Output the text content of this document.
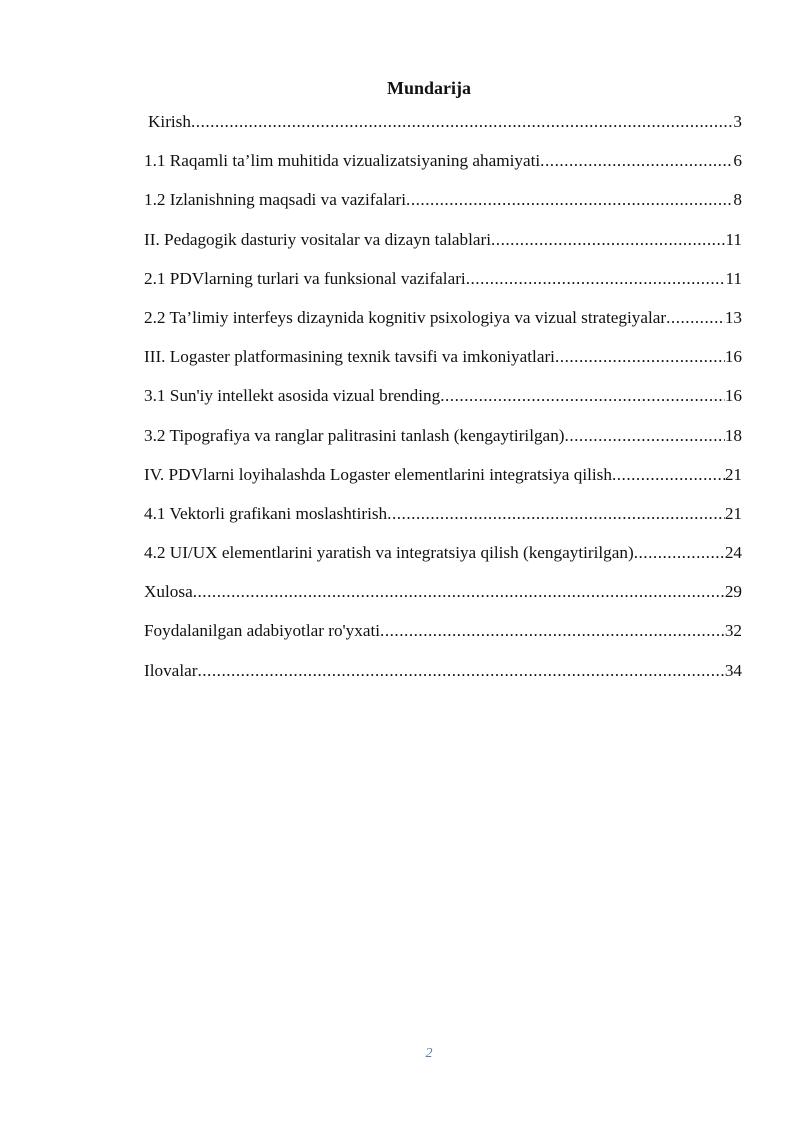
Mundarija
Kirish .....	3
1.1 Raqamli ta’lim muhitida vizualizatsiyaning ahamiyati .....	6
1.2 Izlanishning maqsadi va vazifalari .....	8
II. Pedagogik dasturiy vositalar va dizayn talablari .....	11
2.1 PDVlarning turlari va funksional vazifalari .....	11
2.2 Ta’limiy interfeys dizaynida kognitiv psixologiya va vizual strategiyalar .....	13
III. Logaster platformasining texnik tavsifi va imkoniyatlari .....	16
3.1 Sun'iy intellekt asosida vizual brending .....	16
3.2 Tipografiya va ranglar palitrasini tanlash (kengaytirilgan) .....	18
IV. PDVlarni loyihalashda Logaster elementlarini integratsiya qilish .....	21
4.1 Vektorli grafikani moslashtirish .....	21
4.2 UI/UX elementlarini yaratish va integratsiya qilish (kengaytirilgan) .....	24
Xulosa .....	29
Foydalanilgan adabiyotlar ro'yxati .....	32
Ilovalar .....	34
2
